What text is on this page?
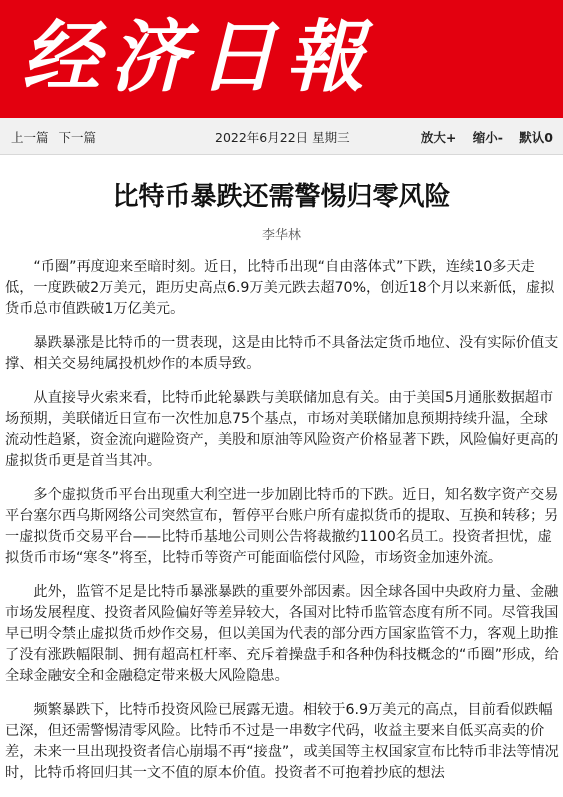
经济日報
上一篇 下一篇	2022年6月22日 星期三	放大+ 缩小- 默认0
比特币暴跌还需警惕归零风险
李华林

“币圈”再度迎来至暗时刻。近日，比特币出现“自由落体式”下跌，连续10多天走低，一度跌破2万美元，距历史高点6.9万美元跌去超70%，创近18个月以来新低，虚拟货币总市值跌破1万亿美元。

暴跌暴涨是比特币的一贯表现，这是由比特币不具备法定货币地位、没有实际价值支撑、相关交易纯属投机炒作的本质导致。

从直接导火索来看，比特币此轮暴跌与美联储加息有关。由于美国5月通胀数据超市场预期，美联储近日宣布一次性加息75个基点，市场对美联储加息预期持续升温，全球流动性趋紧，资金流向避险资产，美股和原油等风险资产价格显著下跌，风险偏好更高的虚拟货币更是首当其冲。

多个虚拟货币平台出现重大利空进一步加剧比特币的下跌。近日，知名数字资产交易平台塞尔西乌斯网络公司突然宣布，暂停平台账户所有虚拟货币的提取、互换和转移；另一虚拟货币交易平台——比特币基地公司则公告将裁撤约1100名员工。投资者担忧，虚拟货币市场“寒冬”将至，比特币等资产可能面临偿付风险，市场资金加速外流。

此外，监管不足是比特币暴涨暴跌的重要外部因素。因全球各国中央政府力量、金融市场发展程度、投资者风险偏好等差异较大，各国对比特币监管态度有所不同。尽管我国早已明令禁止虚拟货币炒作交易，但以美国为代表的部分西方国家监管不力，客观上助推了没有涨跌幅限制、拥有超高杠杆率、充斥着操盘手和各种伪科技概念的“币圈”形成，给全球金融安全和金融稳定带来极大风险隐患。

频繁暴跌下，比特币投资风险已展露无遗。相较于6.9万美元的高点，目前看似跌幅已深，但还需警惕清零风险。比特币不过是一串数字代码，收益主要来自低买高卖的价差，未来一旦出现投资者信心崩塌不再“接盘”，或美国等主权国家宣布比特币非法等情况时，比特币将回归其一文不值的原本价值。投资者不可抱着抄底的想法
